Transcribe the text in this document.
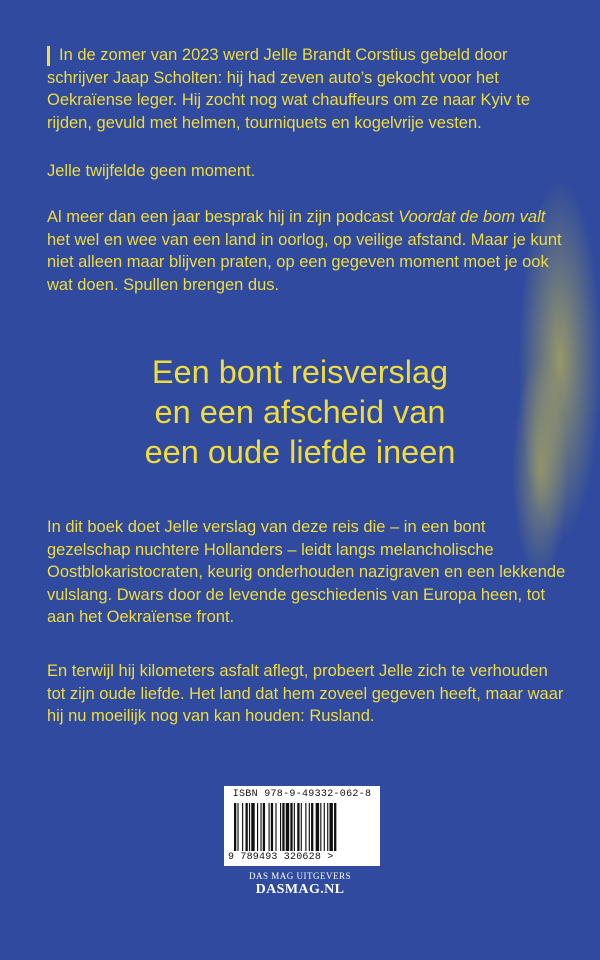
In de zomer van 2023 werd Jelle Brandt Corstius gebeld door schrijver Jaap Scholten: hij had zeven auto’s gekocht voor het Oekraïense leger. Hij zocht nog wat chauffeurs om ze naar Kyiv te rijden, gevuld met helmen, tourniquets en kogelvrije vesten.

Jelle twijfelde geen moment.

Al meer dan een jaar besprak hij in zijn podcast Voordat de bom valt het wel en wee van een land in oorlog, op veilige afstand. Maar je kunt niet alleen maar blijven praten, op een gegeven moment moet je ook wat doen. Spullen brengen dus.

Een bont reisverslag
en een afscheid van
een oude liefde ineen

In dit boek doet Jelle verslag van deze reis die – in een bont gezelschap nuchtere Hollanders – leidt langs melancholische Oostblokaristocraten, keurig onderhouden nazigraven en een lekkende vulslang. Dwars door de levende geschiedenis van Europa heen, tot aan het Oekraïense front.

En terwijl hij kilometers asfalt aflegt, probeert Jelle zich te verhouden tot zijn oude liefde. Het land dat hem zoveel gegeven heeft, maar waar hij nu moeilijk nog van kan houden: Rusland.

ISBN 978-9-49332-062-8
9 789493 320628 >
DAS MAG UITGEVERS
DASMAG.NL
